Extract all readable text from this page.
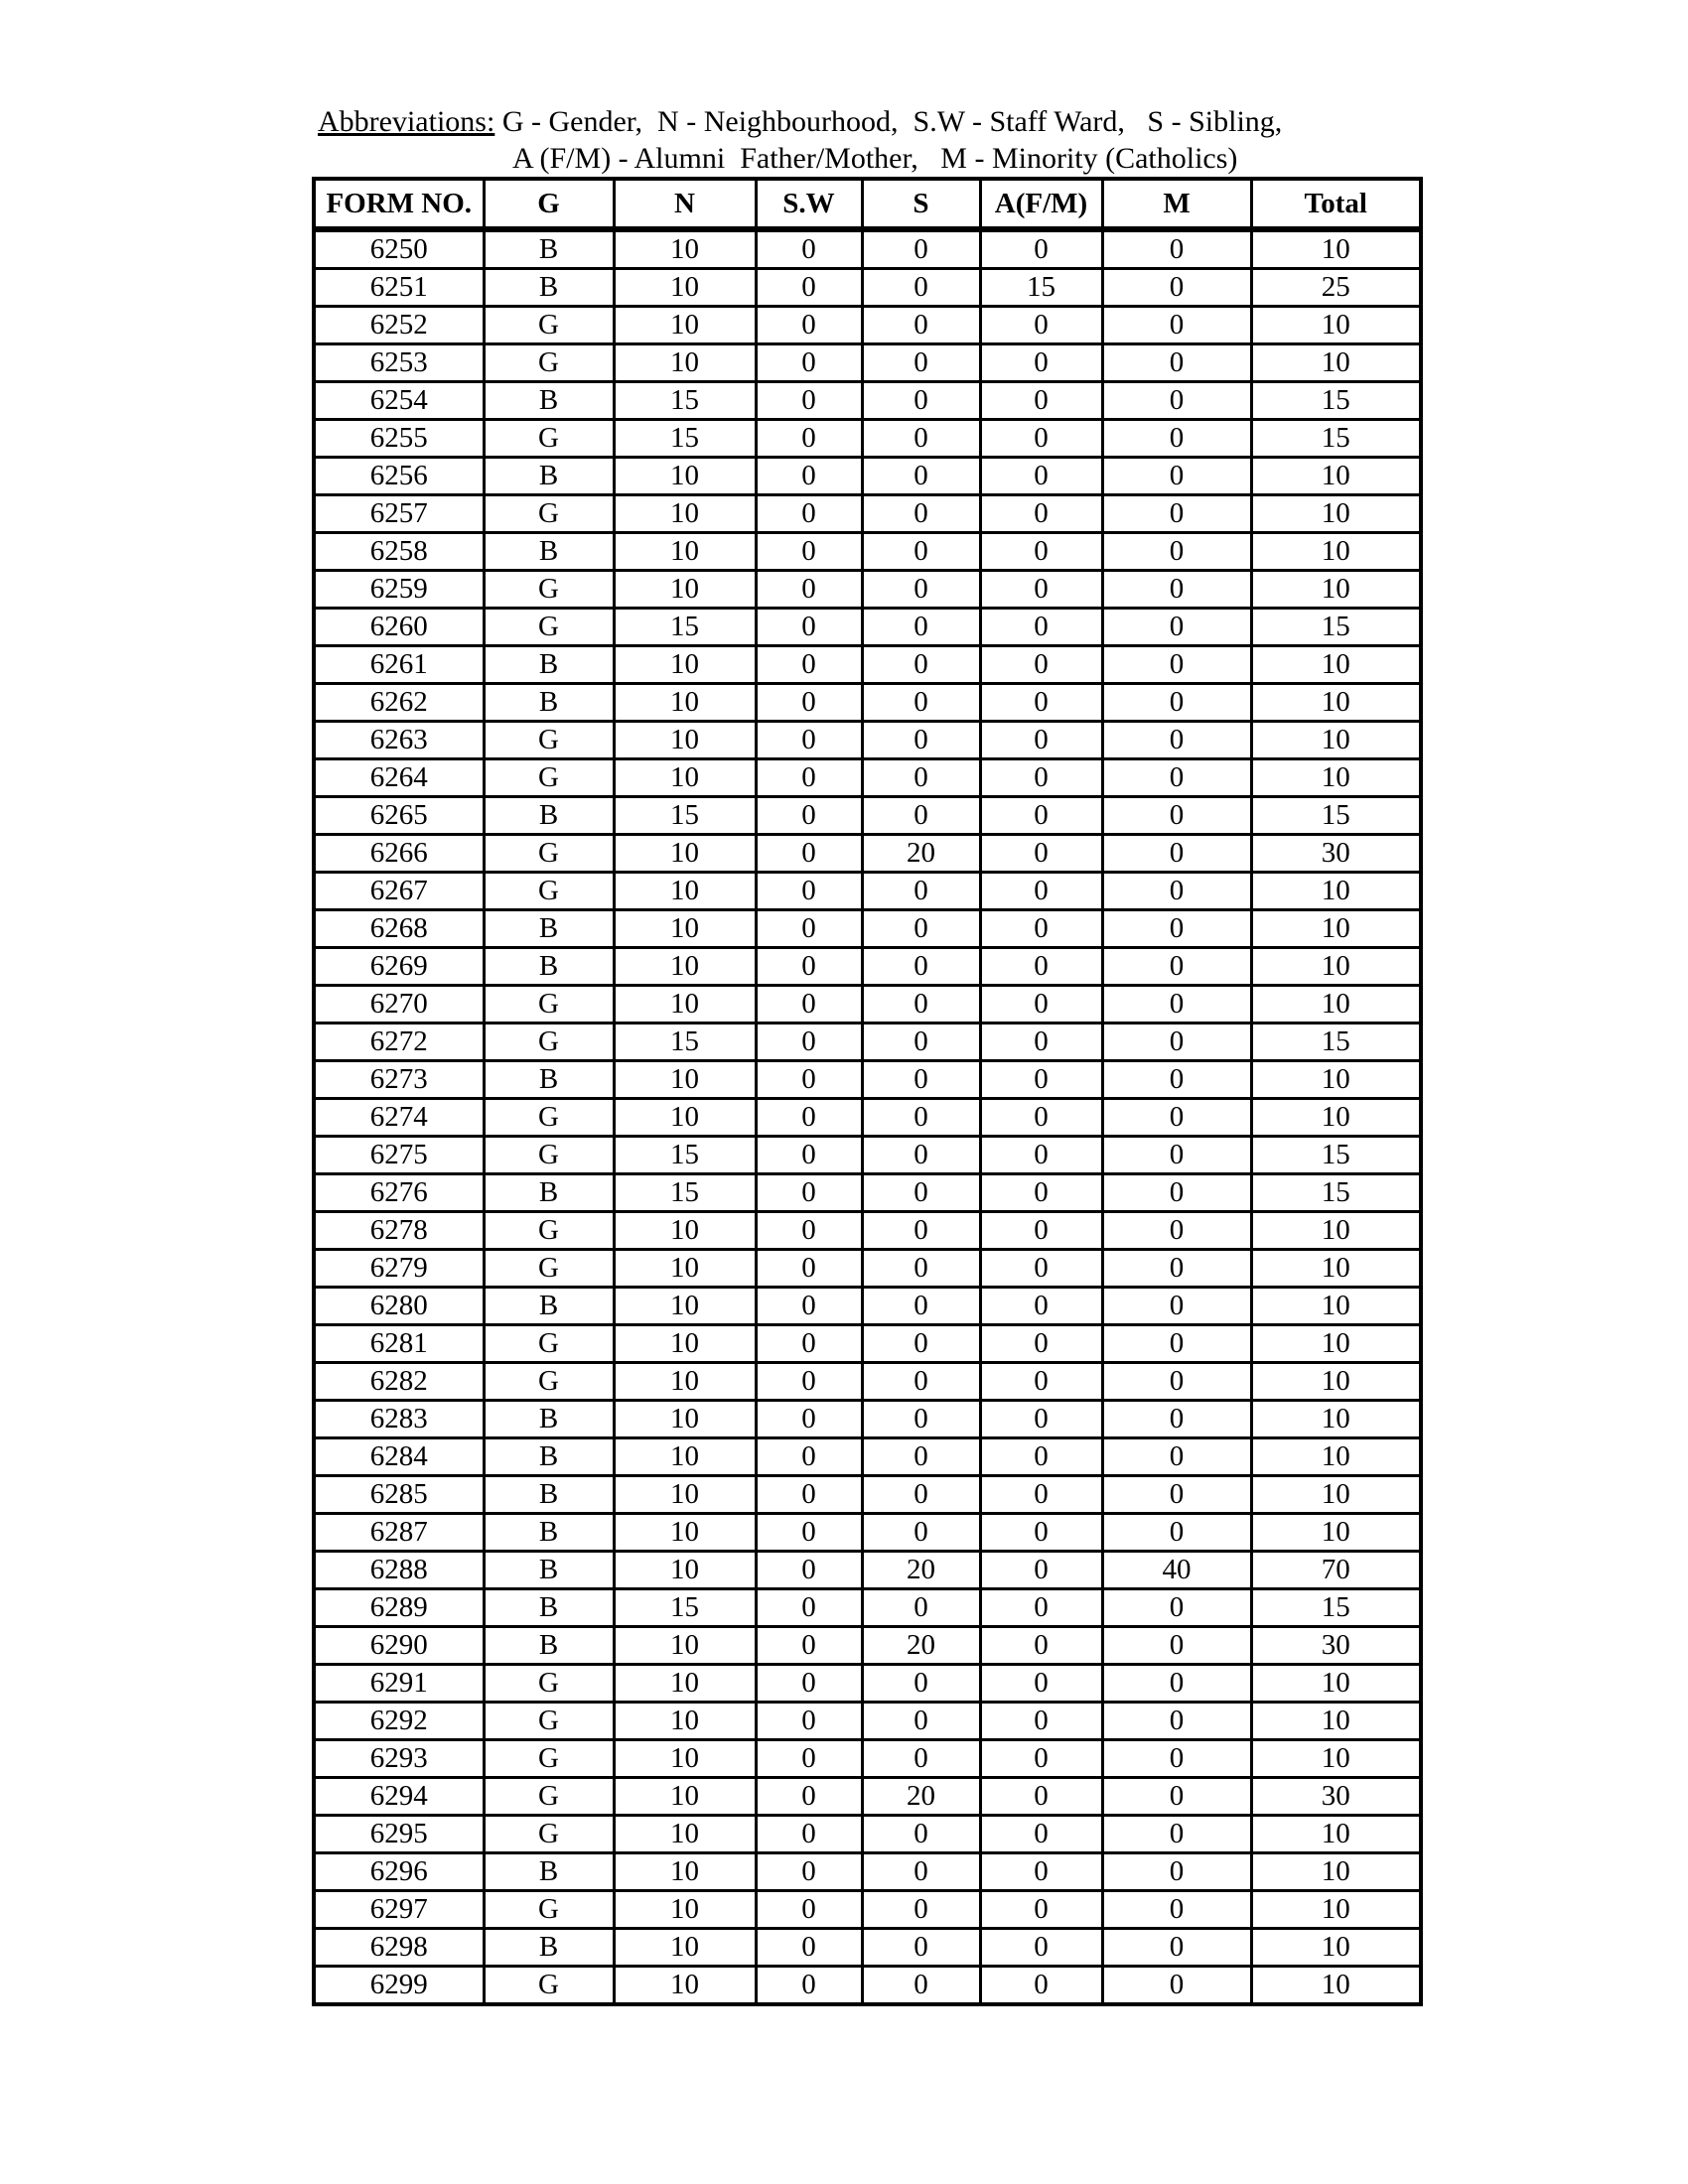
Abbreviations: G - Gender,  N - Neighbourhood,  S.W - Staff Ward,   S - Sibling,
A (F/M) - Alumni  Father/Mother,   M - Minority (Catholics)
FORM NO.	G	N	S.W	S	A(F/M)	M	Total
6250	B	10	0	0	0	0	10
6251	B	10	0	0	15	0	25
6252	G	10	0	0	0	0	10
6253	G	10	0	0	0	0	10
6254	B	15	0	0	0	0	15
6255	G	15	0	0	0	0	15
6256	B	10	0	0	0	0	10
6257	G	10	0	0	0	0	10
6258	B	10	0	0	0	0	10
6259	G	10	0	0	0	0	10
6260	G	15	0	0	0	0	15
6261	B	10	0	0	0	0	10
6262	B	10	0	0	0	0	10
6263	G	10	0	0	0	0	10
6264	G	10	0	0	0	0	10
6265	B	15	0	0	0	0	15
6266	G	10	0	20	0	0	30
6267	G	10	0	0	0	0	10
6268	B	10	0	0	0	0	10
6269	B	10	0	0	0	0	10
6270	G	10	0	0	0	0	10
6272	G	15	0	0	0	0	15
6273	B	10	0	0	0	0	10
6274	G	10	0	0	0	0	10
6275	G	15	0	0	0	0	15
6276	B	15	0	0	0	0	15
6278	G	10	0	0	0	0	10
6279	G	10	0	0	0	0	10
6280	B	10	0	0	0	0	10
6281	G	10	0	0	0	0	10
6282	G	10	0	0	0	0	10
6283	B	10	0	0	0	0	10
6284	B	10	0	0	0	0	10
6285	B	10	0	0	0	0	10
6287	B	10	0	0	0	0	10
6288	B	10	0	20	0	40	70
6289	B	15	0	0	0	0	15
6290	B	10	0	20	0	0	30
6291	G	10	0	0	0	0	10
6292	G	10	0	0	0	0	10
6293	G	10	0	0	0	0	10
6294	G	10	0	20	0	0	30
6295	G	10	0	0	0	0	10
6296	B	10	0	0	0	0	10
6297	G	10	0	0	0	0	10
6298	B	10	0	0	0	0	10
6299	G	10	0	0	0	0	10
